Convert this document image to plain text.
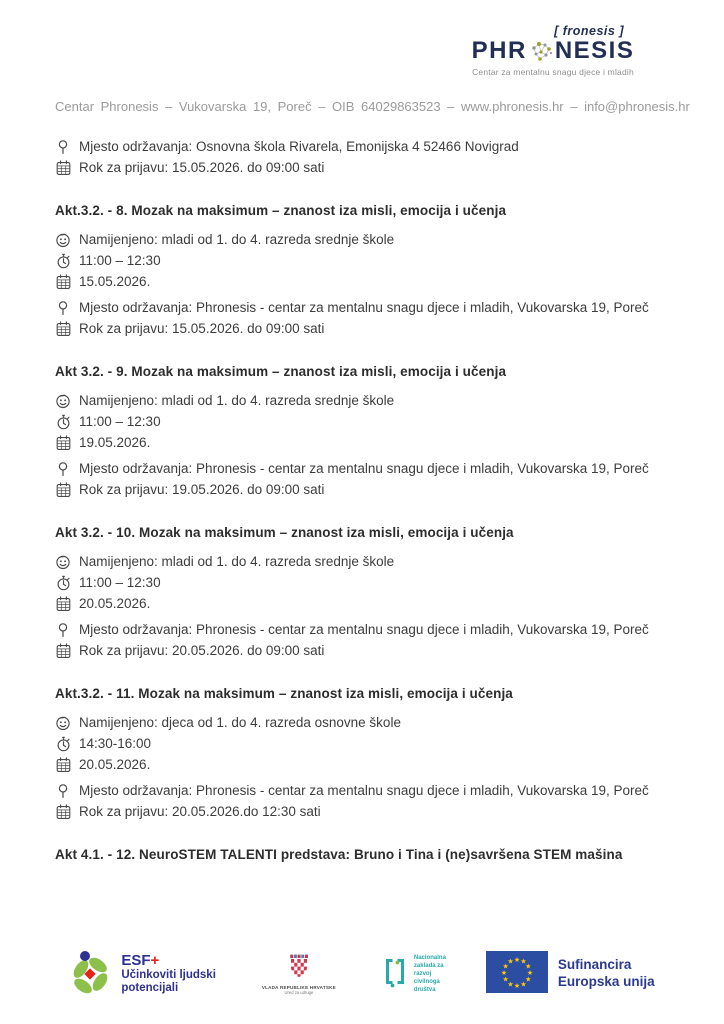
[ fronesis ]
PHR NESIS
Centar za mentalnu snagu djece i mladih
Centar Phronesis – Vukovarska 19, Poreč – OIB 64029863523 – www.phronesis.hr – info@phronesis.hr
Mjesto održavanja: Osnovna škola Rivarela, Emonijska 4 52466 Novigrad
Rok za prijavu: 15.05.2026. do 09:00 sati
Akt.3.2. - 8. Mozak na maksimum – znanost iza misli, emocija i učenja
Namijenjeno: mladi od 1. do 4. razreda srednje škole
11:00 – 12:30
15.05.2026.
Mjesto održavanja: Phronesis - centar za mentalnu snagu djece i mladih, Vukovarska 19, Poreč
Rok za prijavu: 15.05.2026. do 09:00 sati
Akt 3.2. - 9. Mozak na maksimum – znanost iza misli, emocija i učenja
Namijenjeno: mladi od 1. do 4. razreda srednje škole
11:00 – 12:30
19.05.2026.
Mjesto održavanja: Phronesis - centar za mentalnu snagu djece i mladih, Vukovarska 19, Poreč
Rok za prijavu: 19.05.2026. do 09:00 sati
Akt 3.2. - 10. Mozak na maksimum – znanost iza misli, emocija i učenja
Namijenjeno: mladi od 1. do 4. razreda srednje škole
11:00 – 12:30
20.05.2026.
Mjesto održavanja: Phronesis - centar za mentalnu snagu djece i mladih, Vukovarska 19, Poreč
Rok za prijavu: 20.05.2026. do 09:00 sati
Akt.3.2. - 11. Mozak na maksimum – znanost iza misli, emocija i učenja
Namijenjeno: djeca od 1. do 4. razreda osnovne škole
14:30-16:00
20.05.2026.
Mjesto održavanja: Phronesis - centar za mentalnu snagu djece i mladih, Vukovarska 19, Poreč
Rok za prijavu: 20.05.2026.do 12:30 sati
Akt 4.1. - 12. NeuroSTEM TALENTI predstava: Bruno i Tina i (ne)savršena STEM mašina
ESF+
Učinkoviti ljudski
potencijali	VLADA REPUBLIKE HRVATSKE
Ured za udruge
Nacionalna
zaklada za
razvoj
civilnoga
društva
★ ★
★
★
★
★
★
★
★
★
★
★	Sufinancira
Europska unija
